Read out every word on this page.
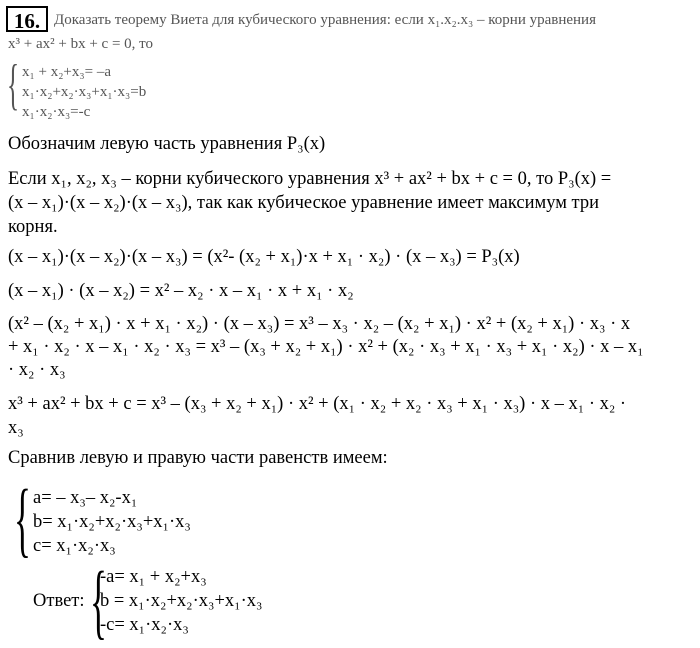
16. Доказать теорему Виета для кубического уравнения: если x₁.x₂.x₃ – корни уравнения
x³ + ax² + bx + c = 0, то
{ x₁ + x₂+x₃= –a
x₁·x₂+x₂·x₃+x₁·x₃=b
x₁·x₂·x₃=-c
Обозначим левую часть уравнения P₃(x)
Если x₁, x₂, x₃ – корни кубического уравнения x³ + ax² + bx + c = 0, то P₃(x) =
(x – x₁)·(x – x₂)·(x – x₃), так как кубическое уравнение имеет максимум три
корня.
(x – x₁)·(x – x₂)·(x – x₃) = (x²- (x₂ + x₁)·x + x₁ · x₂) · (x – x₃) = P₃(x)
(x – x₁) · (x – x₂) = x² – x₂ · x – x₁ · x + x₁ · x₂
(x² – (x₂ + x₁) · x + x₁ · x₂) · (x – x₃) = x³ – x₃ · x₂ – (x₂ + x₁) · x² + (x₂ + x₁) · x₃ · x
+ x₁ · x₂ · x – x₁ · x₂ · x₃ = x³ – (x₃ + x₂ + x₁) · x² + (x₂ · x₃ + x₁ · x₃ + x₁ · x₂) · x – x₁
· x₂ · x₃
x³ + ax² + bx + c = x³ – (x₃ + x₂ + x₁) · x² + (x₁ · x₂ + x₂ · x₃ + x₁ · x₃) · x – x₁ · x₂ ·
x₃
Сравнив левую и правую части равенств имеем:
{ a= – x₃– x₂-x₁
b= x₁·x₂+x₂·x₃+x₁·x₃
c= x₁·x₂·x₃
Ответ: {
-a= x₁ + x₂+x₃
b = x₁·x₂+x₂·x₃+x₁·x₃
-c= x₁·x₂·x₃
